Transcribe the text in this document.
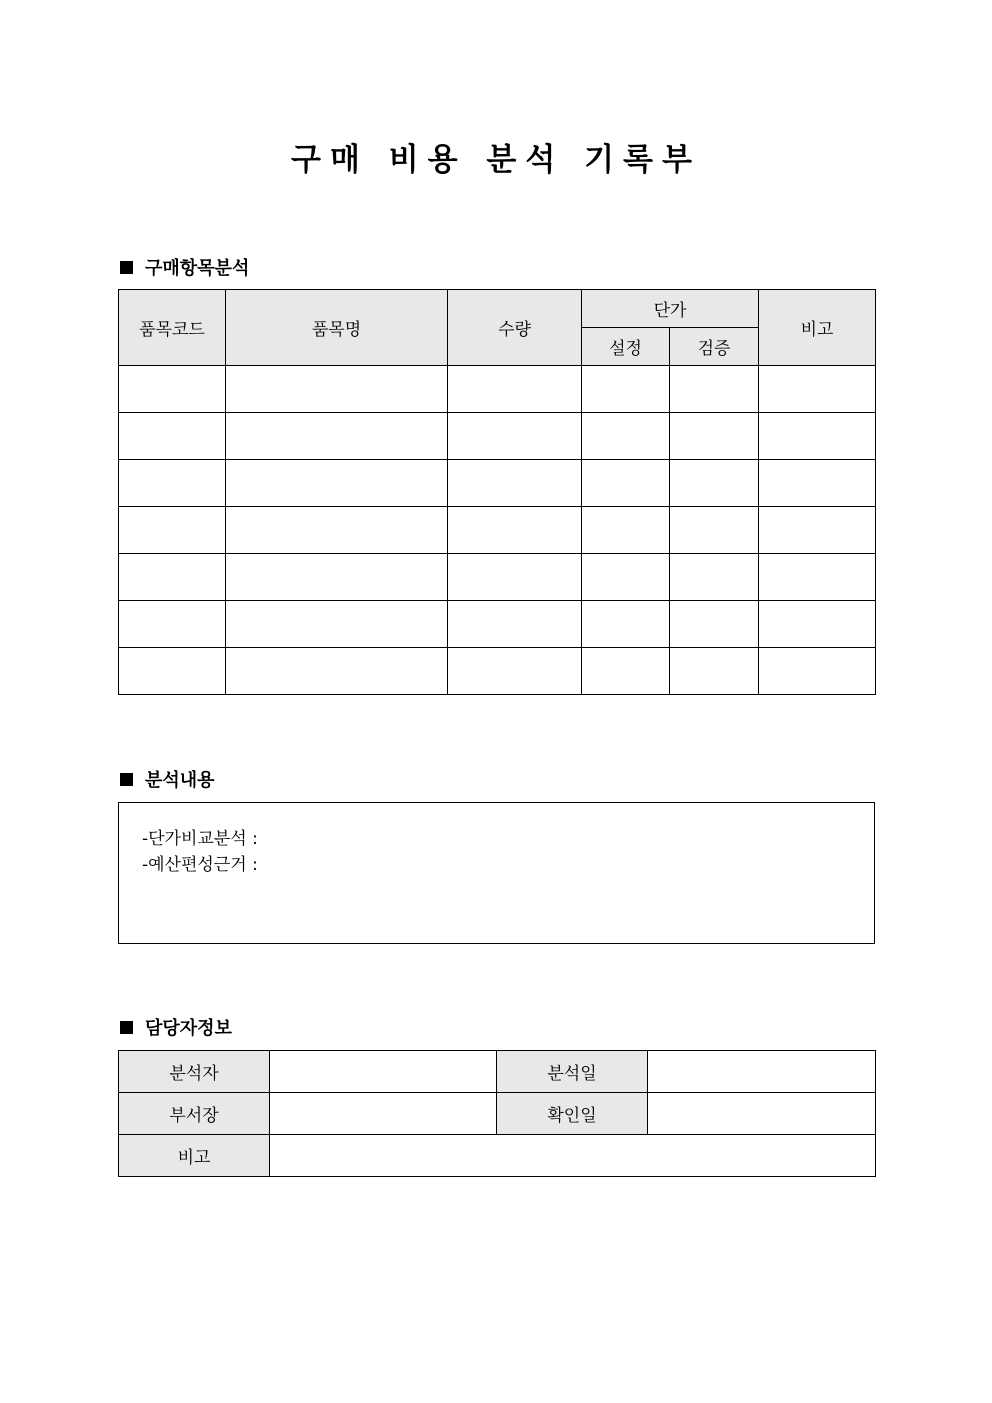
구매 비용 분석 기록부
구매항목분석
품목코드	품목명	수량	단가		비고
			설정	검증	

분석내용
-단가비교분석 :
-예산편성근거 :
담당자정보
분석자		분석일	
부서장		확인일	
비고			
